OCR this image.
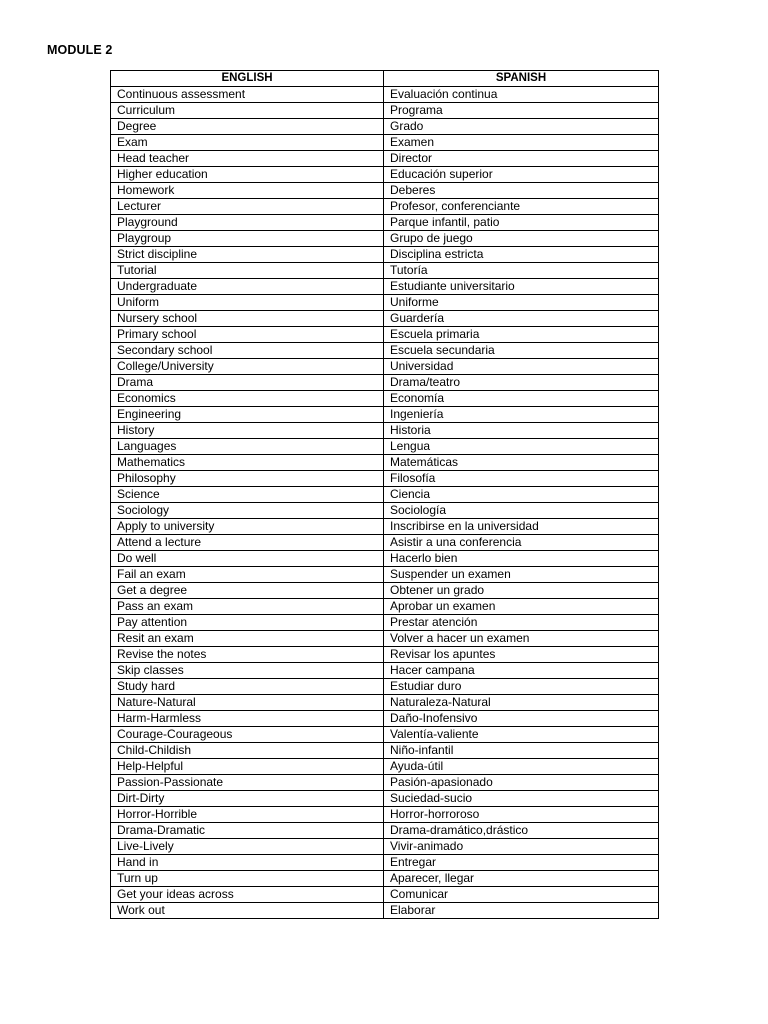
MODULE 2
ENGLISH	SPANISH
Continuous assessment	Evaluación continua
Curriculum	Programa
Degree	Grado
Exam	Examen
Head teacher	Director
Higher education	Educación superior
Homework	Deberes
Lecturer	Profesor, conferenciante
Playground	Parque infantil, patio
Playgroup	Grupo de juego
Strict discipline	Disciplina estricta
Tutorial	Tutoría
Undergraduate	Estudiante universitario
Uniform	Uniforme
Nursery school	Guardería
Primary school	Escuela primaria
Secondary school	Escuela secundaria
College/University	Universidad
Drama	Drama/teatro
Economics	Economía
Engineering	Ingeniería
History	Historia
Languages	Lengua
Mathematics	Matemáticas
Philosophy	Filosofía
Science	Ciencia
Sociology	Sociología
Apply to university	Inscribirse en la universidad
Attend a lecture	Asistir a una conferencia
Do well	Hacerlo bien
Fail an exam	Suspender un examen
Get a degree	Obtener un grado
Pass an exam	Aprobar un examen
Pay attention	Prestar atención
Resit an exam	Volver a hacer un examen
Revise the notes	Revisar los apuntes
Skip classes	Hacer campana
Study hard	Estudiar duro
Nature-Natural	Naturaleza-Natural
Harm-Harmless	Daño-Inofensivo
Courage-Courageous	Valentía-valiente
Child-Childish	Niño-infantil
Help-Helpful	Ayuda-útil
Passion-Passionate	Pasión-apasionado
Dirt-Dirty	Suciedad-sucio
Horror-Horrible	Horror-horroroso
Drama-Dramatic	Drama-dramático,drástico
Live-Lively	Vivir-animado
Hand in	Entregar
Turn up	Aparecer, llegar
Get your ideas across	Comunicar
Work out	Elaborar
